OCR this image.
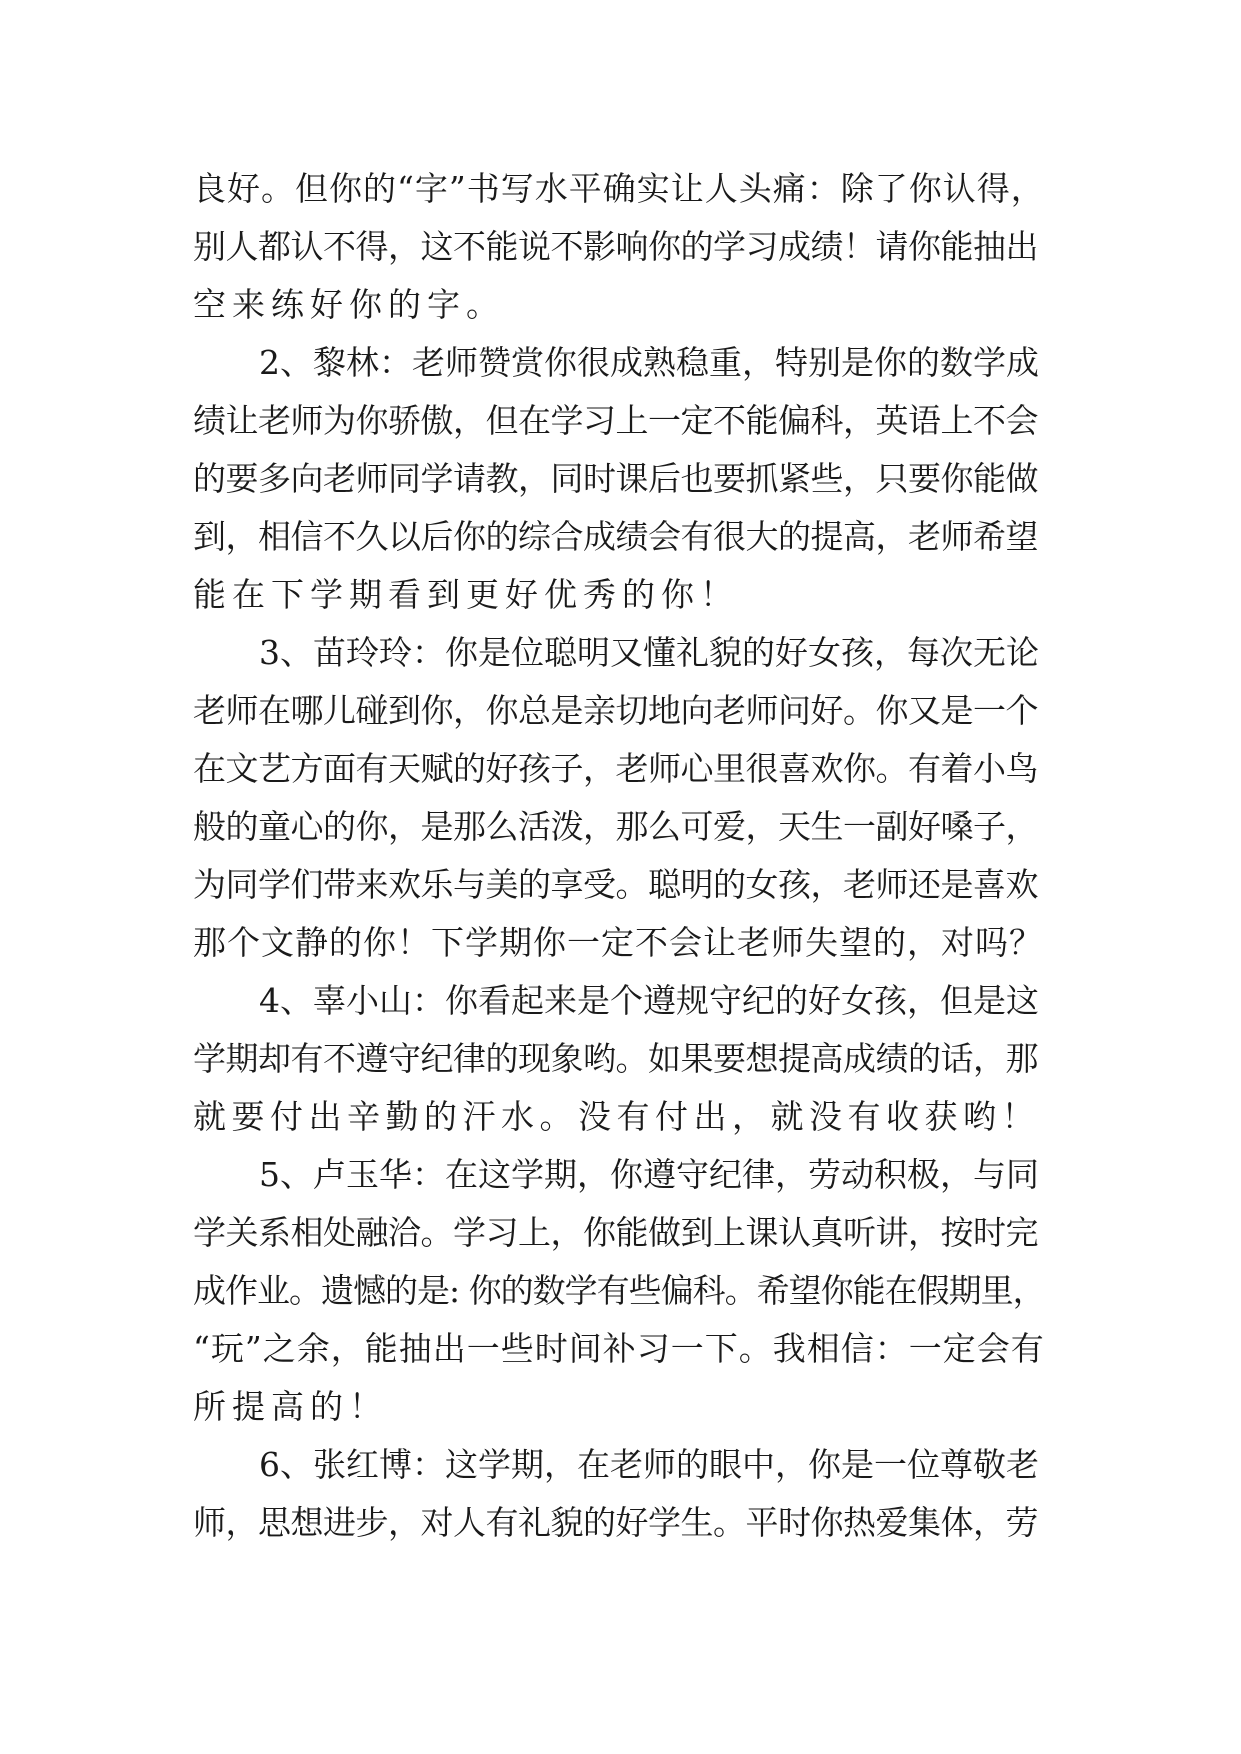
良好。但你的“字”书写水平确实让人头痛：除了你认得，
别人都认不得，这不能说不影响你的学习成绩！请你能抽出
空来练好你的字。
2、黎林：老师赞赏你很成熟稳重，特别是你的数学成
绩让老师为你骄傲，但在学习上一定不能偏科，英语上不会
的要多向老师同学请教，同时课后也要抓紧些，只要你能做
到，相信不久以后你的综合成绩会有很大的提高，老师希望
能在下学期看到更好优秀的你！
3、苗玲玲：你是位聪明又懂礼貌的好女孩，每次无论
老师在哪儿碰到你，你总是亲切地向老师问好。你又是一个
在文艺方面有天赋的好孩子，老师心里很喜欢你。有着小鸟
般的童心的你，是那么活泼，那么可爱，天生一副好嗓子，
为同学们带来欢乐与美的享受。聪明的女孩，老师还是喜欢
那个文静的你！下学期你一定不会让老师失望的，对吗？
4、辜小山：你看起来是个遵规守纪的好女孩，但是这
学期却有不遵守纪律的现象哟。如果要想提高成绩的话，那
就要付出辛勤的汗水。没有付出，就没有收获哟！
5、卢玉华：在这学期，你遵守纪律，劳动积极，与同
学关系相处融洽。学习上，你能做到上课认真听讲，按时完
成作业。遗憾的是: 你的数学有些偏科。希望你能在假期里，
“玩”之余，能抽出一些时间补习一下。我相信：一定会有
所提高的！
6、张红博：这学期，在老师的眼中，你是一位尊敬老
师，思想进步，对人有礼貌的好学生。平时你热爱集体，劳
